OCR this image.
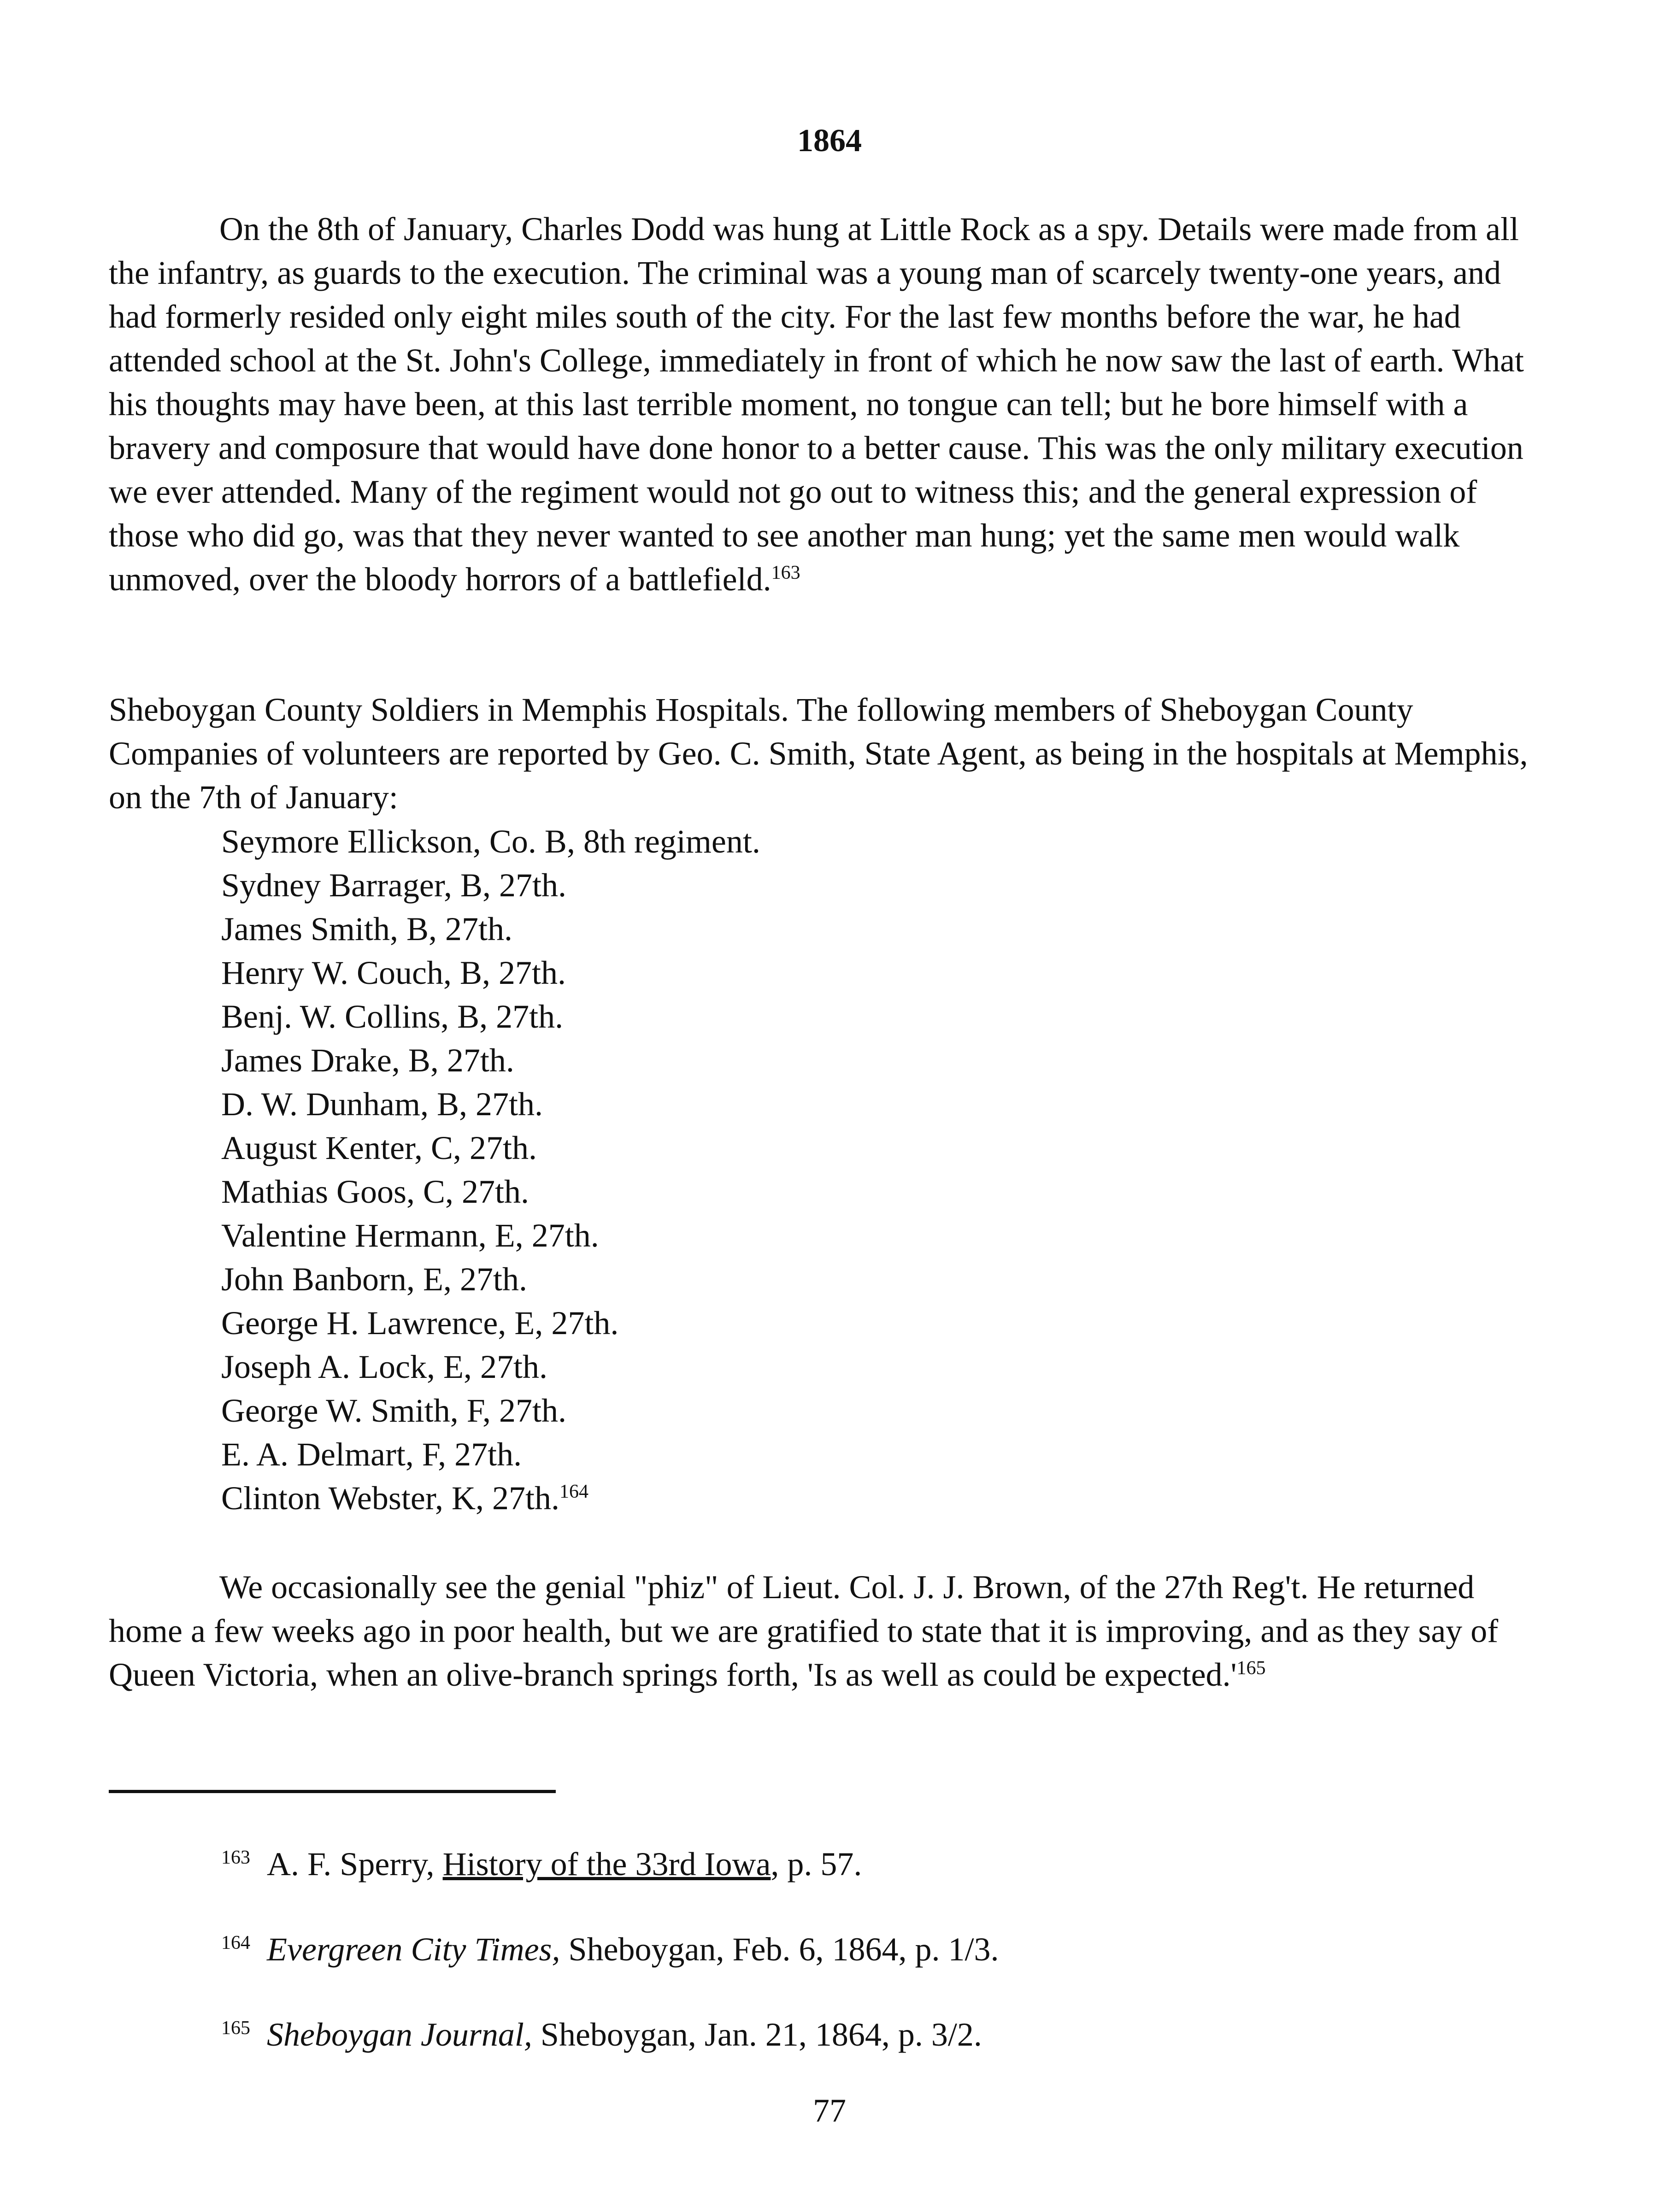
1864

On the 8th of January, Charles Dodd was hung at Little Rock as a spy. Details were made from all the infantry, as guards to the execution. The criminal was a young man of scarcely twenty-one years, and had formerly resided only eight miles south of the city. For the last few months before the war, he had attended school at the St. John's College, immediately in front of which he now saw the last of earth. What his thoughts may have been, at this last terrible moment, no tongue can tell; but he bore himself with a bravery and composure that would have done honor to a better cause. This was the only military execution we ever attended. Many of the regiment would not go out to witness this; and the general expression of those who did go, was that they never wanted to see another man hung; yet the same men would walk unmoved, over the bloody horrors of a battlefield.$^{163}$

Sheboygan County Soldiers in Memphis Hospitals. The following members of Sheboygan County Companies of volunteers are reported by Geo. C. Smith, State Agent, as being in the hospitals at Memphis, on the 7th of January:

Seymore Ellickson, Co. B, 8th regiment.
Sydney Barrager, B, 27th.
James Smith, B, 27th.
Henry W. Couch, B, 27th.
Benj. W. Collins, B, 27th.
James Drake, B, 27th.
D. W. Dunham, B, 27th.
August Kenter, C, 27th.
Mathias Goos, C, 27th.
Valentine Hermann, E, 27th.
John Banborn, E, 27th.
George H. Lawrence, E, 27th.
Joseph A. Lock, E, 27th.
George W. Smith, F, 27th.
E. A. Delmart, F, 27th.
Clinton Webster, K, 27th.$^{164}$

We occasionally see the genial "phiz" of Lieut. Col. J. J. Brown, of the 27th Reg't. He returned home a few weeks ago in poor health, but we are gratified to state that it is improving, and as they say of Queen Victoria, when an olive-branch springs forth, 'Is as well as could be $expected.'^{165}$

$^{163}$ A. F. Sperry, History of the 33rd Iowa, p. 57.
$^{164}$ Evergreen City Times, Sheboygan, Feb. 6, 1864, p. 1/3.
$^{165}$ Sheboygan Journal, Sheboygan, Jan. 21, 1864, p. 3/2.
77
